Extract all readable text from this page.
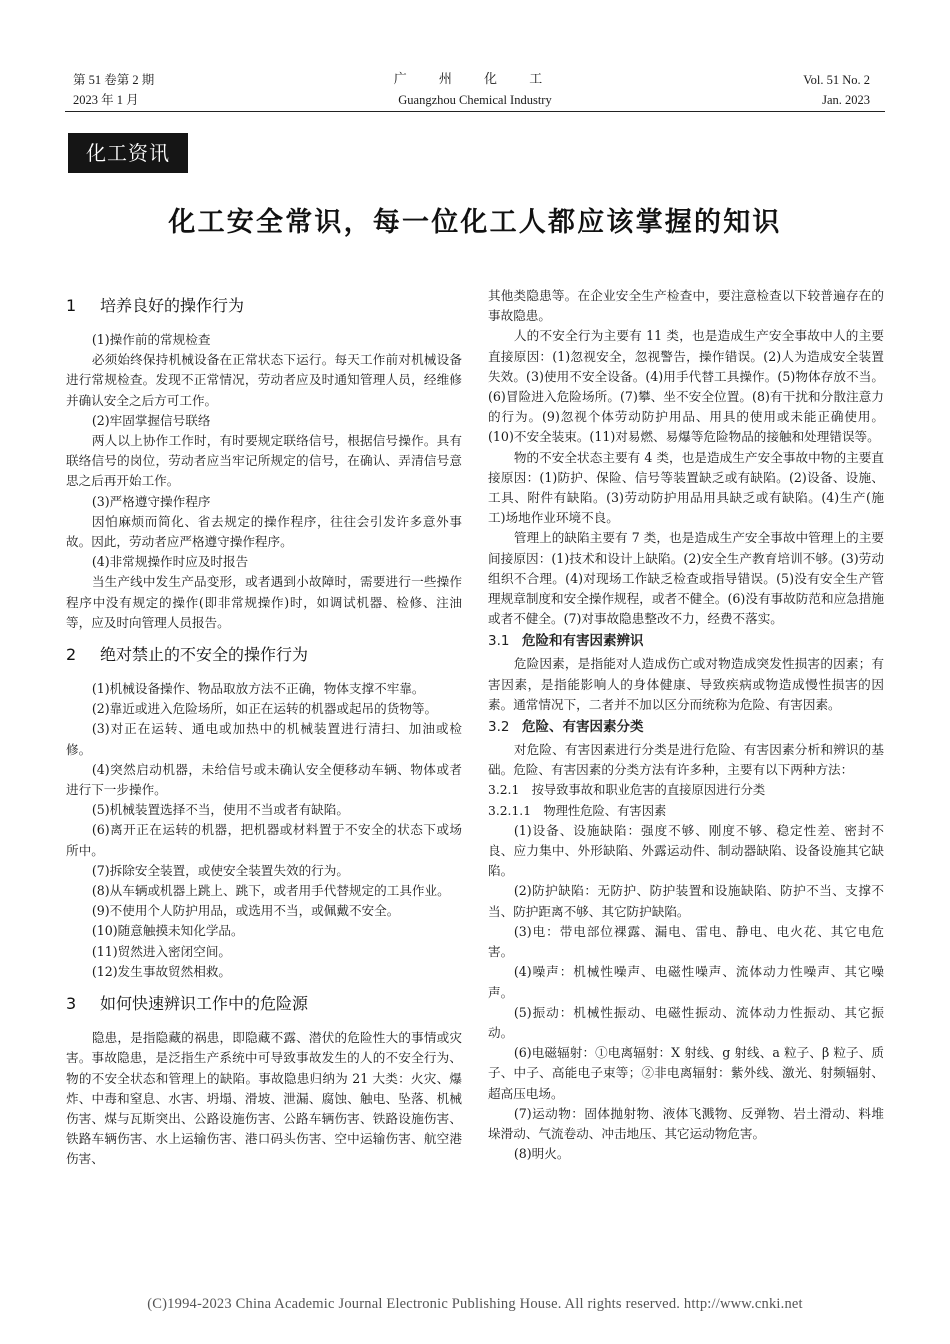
第 51 卷第 2 期
2023 年 1 月
广 州 化 工
Guangzhou Chemical Industry
Vol. 51 No. 2
Jan. 2023
化工资讯
化工安全常识，每一位化工人都应该掌握的知识
1 培养良好的操作行为

(1)操作前的常规检查

必须始终保持机械设备在正常状态下运行。每天工作前对机械设备进行常规检查。发现不正常情况，劳动者应及时通知管理人员，经维修并确认安全之后方可工作。

(2)牢固掌握信号联络

两人以上协作工作时，有时要规定联络信号，根据信号操作。具有联络信号的岗位，劳动者应当牢记所规定的信号，在确认、弄清信号意思之后再开始工作。

(3)严格遵守操作程序

因怕麻烦而简化、省去规定的操作程序，往往会引发许多意外事故。因此，劳动者应严格遵守操作程序。

(4)非常规操作时应及时报告

当生产线中发生产品变形，或者遇到小故障时，需要进行一些操作程序中没有规定的操作(即非常规操作)时，如调试机器、检修、注油等，应及时向管理人员报告。

2 绝对禁止的不安全的操作行为

(1)机械设备操作、物品取放方法不正确，物体支撑不牢靠。

(2)靠近或进入危险场所，如正在运转的机器或起吊的货物等。

(3)对正在运转、通电或加热中的机械装置进行清扫、加油或检修。

(4)突然启动机器，未给信号或未确认安全便移动车辆、物体或者进行下一步操作。

(5)机械装置选择不当，使用不当或者有缺陷。

(6)离开正在运转的机器，把机器或材料置于不安全的状态下或场所中。

(7)拆除安全装置，或使安全装置失效的行为。

(8)从车辆或机器上跳上、跳下，或者用手代替规定的工具作业。

(9)不使用个人防护用品，或选用不当，或佩戴不安全。

(10)随意触摸未知化学品。

(11)贸然进入密闭空间。

(12)发生事故贸然相救。

3 如何快速辨识工作中的危险源

隐患，是指隐藏的祸患，即隐藏不露、潜伏的危险性大的事情或灾害。事故隐患，是泛指生产系统中可导致事故发生的人的不安全行为、物的不安全状态和管理上的缺陷。事故隐患归纳为 21 大类：火灾、爆炸、中毒和窒息、水害、坍塌、滑坡、泄漏、腐蚀、触电、坠落、机械伤害、煤与瓦斯突出、公路设施伤害、公路车辆伤害、铁路设施伤害、铁路车辆伤害、水上运输伤害、港口码头伤害、空中运输伤害、航空港伤害、

其他类隐患等。在企业安全生产检查中，要注意检查以下较普遍存在的事故隐患。

人的不安全行为主要有 11 类，也是造成生产安全事故中人的主要直接原因：(1)忽视安全，忽视警告，操作错误。(2)人为造成安全装置失效。(3)使用不安全设备。(4)用手代替工具操作。(5)物体存放不当。(6)冒险进入危险场所。(7)攀、坐不安全位置。(8)有干扰和分散注意力的行为。(9)忽视个体劳动防护用品、用具的使用或未能正确使用。(10)不安全装束。(11)对易燃、易爆等危险物品的接触和处理错误等。

物的不安全状态主要有 4 类，也是造成生产安全事故中物的主要直接原因：(1)防护、保险、信号等装置缺乏或有缺陷。(2)设备、设施、工具、附件有缺陷。(3)劳动防护用品用具缺乏或有缺陷。(4)生产(施工)场地作业环境不良。

管理上的缺陷主要有 7 类，也是造成生产安全事故中管理上的主要间接原因：(1)技术和设计上缺陷。(2)安全生产教育培训不够。(3)劳动组织不合理。(4)对现场工作缺乏检查或指导错误。(5)没有安全生产管理规章制度和安全操作规程，或者不健全。(6)没有事故防范和应急措施或者不健全。(7)对事故隐患整改不力，经费不落实。

3.1 危险和有害因素辨识

危险因素，是指能对人造成伤亡或对物造成突发性损害的因素；有害因素，是指能影响人的身体健康、导致疾病或物造成慢性损害的因素。通常情况下，二者并不加以区分而统称为危险、有害因素。

3.2 危险、有害因素分类

对危险、有害因素进行分类是进行危险、有害因素分析和辨识的基础。危险、有害因素的分类方法有许多种，主要有以下两种方法：

3.2.1　按导致事故和职业危害的直接原因进行分类
3.2.1.1　物理性危险、有害因素

(1)设备、设施缺陷：强度不够、刚度不够、稳定性差、密封不良、应力集中、外形缺陷、外露运动件、制动器缺陷、设备设施其它缺陷。

(2)防护缺陷：无防护、防护装置和设施缺陷、防护不当、支撑不当、防护距离不够、其它防护缺陷。

(3)电：带电部位裸露、漏电、雷电、静电、电火花、其它电危害。

(4)噪声：机械性噪声、电磁性噪声、流体动力性噪声、其它噪声。

(5)振动：机械性振动、电磁性振动、流体动力性振动、其它振动。

(6)电磁辐射：①电离辐射：X 射线、g 射线、a 粒子、β 粒子、质子、中子、高能电子束等；②非电离辐射：紫外线、激光、射频辐射、超高压电场。

(7)运动物：固体抛射物、液体飞溅物、反弹物、岩土滑动、料堆垛滑动、气流卷动、冲击地压、其它运动物危害。

(8)明火。

(C)1994-2023 China Academic Journal Electronic Publishing House. All rights reserved. http://www.cnki.net
